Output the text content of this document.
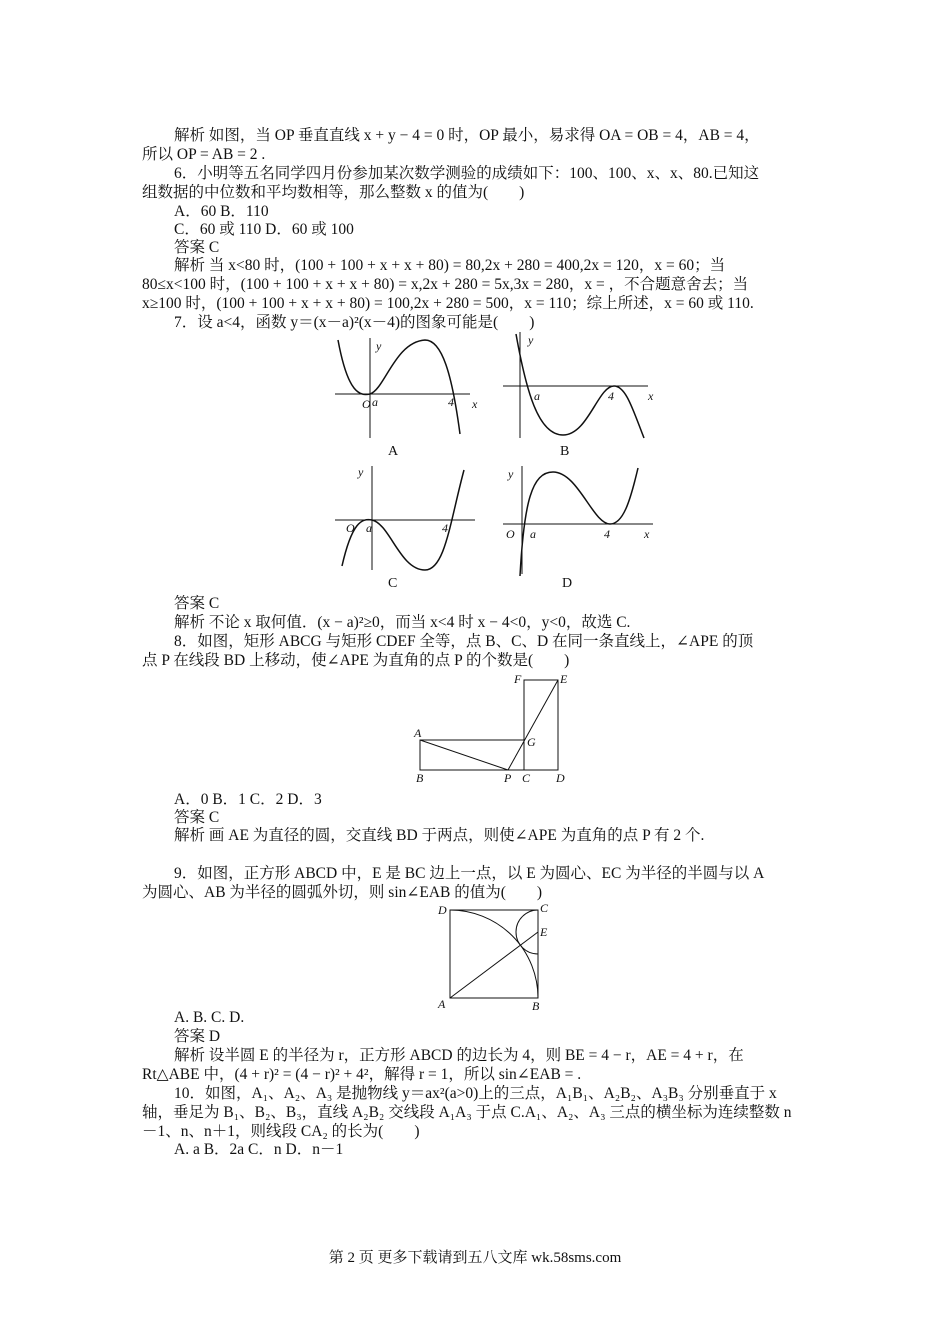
解析 如图，当 OP 垂直直线 x + y − 4 = 0 时，OP 最小，易求得 OA = OB = 4，AB = 4，
所以 OP = AB = 2 .
6．小明等五名同学四月份参加某次数学测验的成绩如下：100、100、x、x、80.已知这
组数据的中位数和平均数相等，那么整数 x 的值为(　　)
A．60 B．110
C．60 或 110 D．60 或 100
答案 C
解析 当 x<80 时，(100 + 100 + x + x + 80) = 80,2x + 280 = 400,2x = 120，x = 60；当
80≤x<100 时，(100 + 100 + x + x + 80) = x,2x + 280 = 5x,3x = 280，x = ，不合题意舍去；当
x≥100 时，(100 + 100 + x + x + 80) = 100,2x + 280 = 500，x = 110；综上所述，x = 60 或 110.
7．设 a<4，函数 y＝(x－a)²(x－4)的图象可能是(　　)
O a	4 x
y
A
a	4	x
y
B
O a	4
y
C
O a	4	x
y
D
答案 C
解析 不论 x 取何值．(x − a)²≥0，而当 x<4 时 x − 4<0，y<0，故选 C.
8．如图，矩形 ABCG 与矩形 CDEF 全等，点 B、C、D 在同一条直线上，∠APE 的顶
点 P 在线段 BD 上移动，使∠APE 为直角的点 P 的个数是(　　)
F	E
A
G
B	P C D
A．0 B．1 C．2 D．3
答案 C
解析 画 AE 为直径的圆，交直线 BD 于两点，则使∠APE 为直角的点 P 有 2 个.
9．如图，正方形 ABCD 中，E 是 BC 边上一点，以 E 为圆心、EC 为半径的半圆与以 A
为圆心、AB 为半径的圆弧外切，则 sin∠EAB 的值为(　　)
D	C
E
A	B
A. B. C. D.
答案 D
解析 设半圆 E 的半径为 r，正方形 ABCD 的边长为 4，则 BE = 4 − r，AE = 4 + r，在
Rt△ABE 中，(4 + r)² = (4 − r)² + 4²，解得 r = 1，所以 sin∠EAB = .
10．如图，A₁、A₂、A₃ 是抛物线 y＝ax²(a>0)上的三点，A₁B₁、A₂B₂、A₃B₃ 分别垂直于 x
轴，垂足为 B₁、B₂、B₃，直线 A₂B₂ 交线段 A₁A₃ 于点 C.A₁、A₂、A₃ 三点的横坐标为连续整数 n
－1、n、n＋1，则线段 CA₂ 的长为(　　)
A. a B．2a C．n D．n－1
第 2 页 更多下载请到五八文库 wk.58sms.com
